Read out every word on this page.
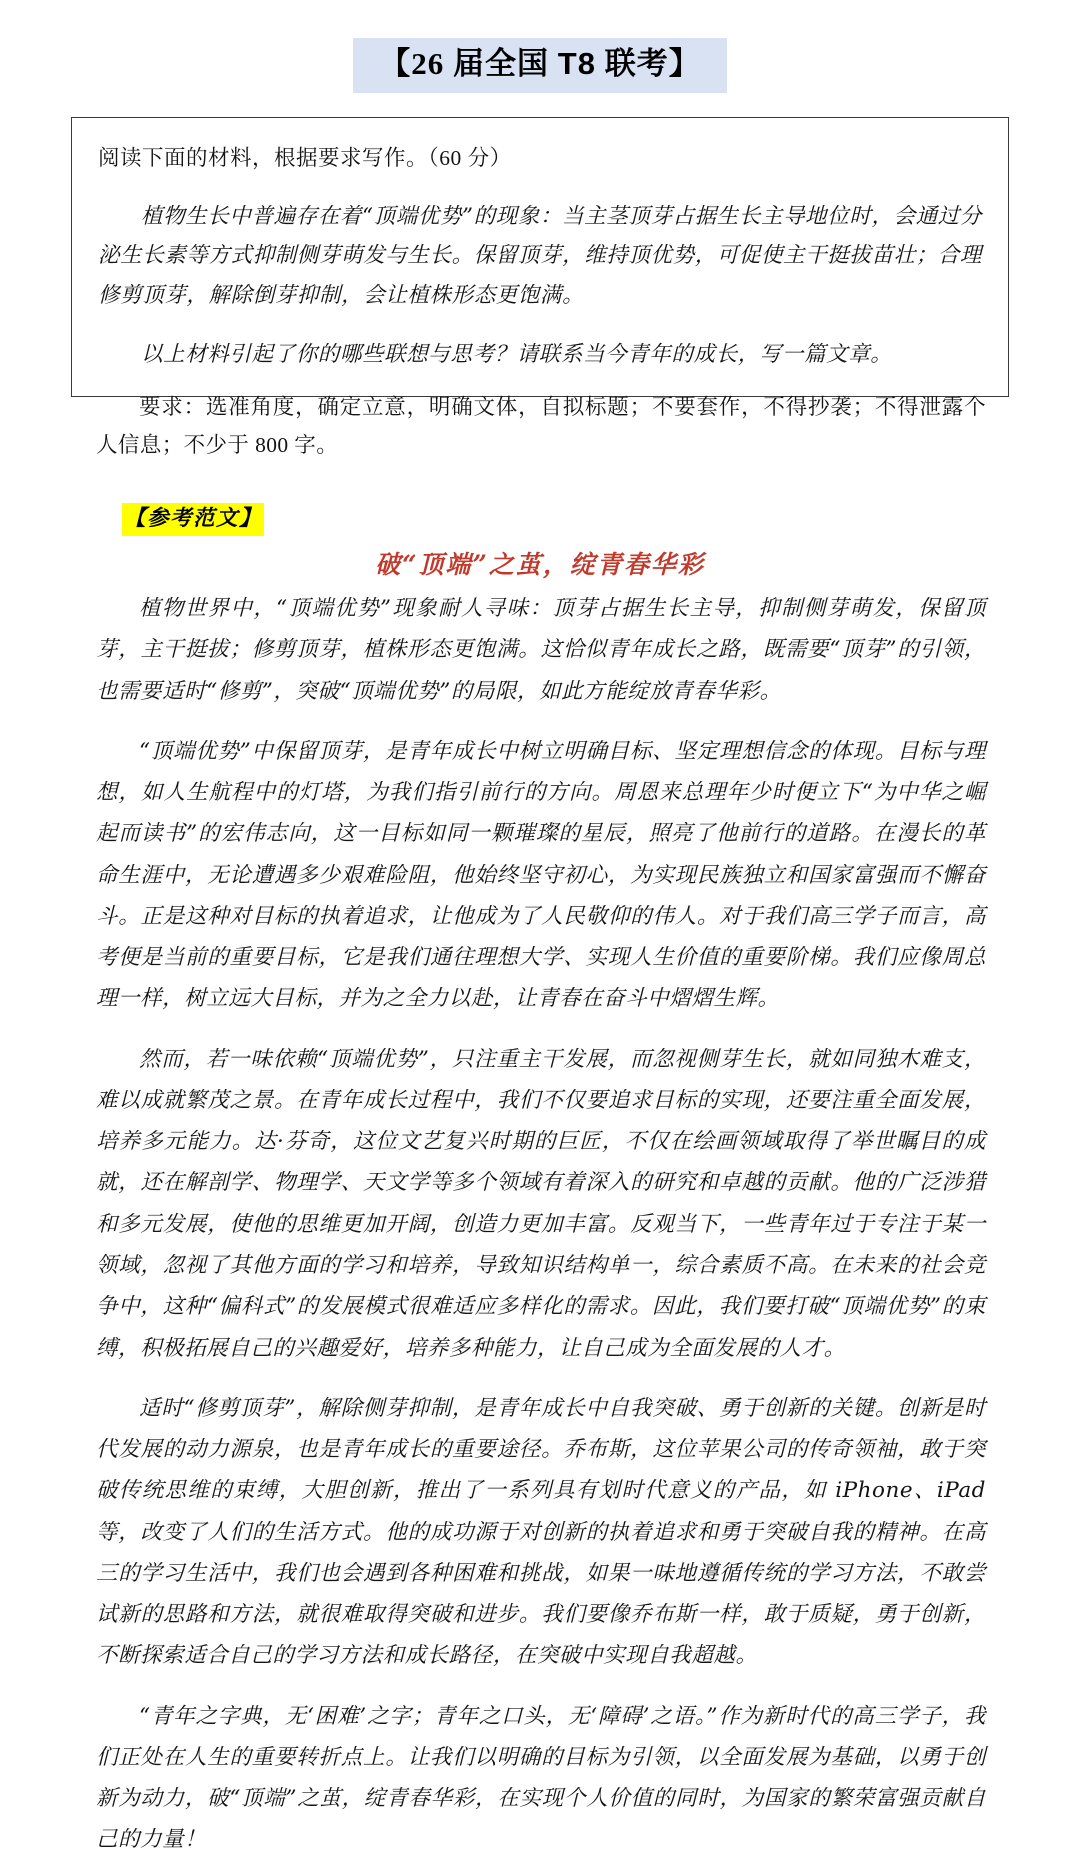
【26 届全国 T8 联考】

阅读下面的材料，根据要求写作。（60 分）

植物生长中普遍存在着“顶端优势”的现象：当主茎顶芽占据生长主导地位时，会通过分泌生长素等方式抑制侧芽萌发与生长。保留顶芽，维持顶优势，可促使主干挺拔苗壮；合理修剪顶芽，解除倒芽抑制，会让植株形态更饱满。

以上材料引起了你的哪些联想与思考？请联系当今青年的成长，写一篇文章。

要求：选准角度，确定立意，明确文体，自拟标题；不要套作，不得抄袭；不得泄露个人信息；不少于 800 字。
【参考范文】
破“顶端”之茧，绽青春华彩

植物世界中，“顶端优势”现象耐人寻味：顶芽占据生长主导，抑制侧芽萌发，保留顶芽，主干挺拔；修剪顶芽，植株形态更饱满。这恰似青年成长之路，既需要“顶芽”的引领，也需要适时“修剪”，突破“顶端优势”的局限，如此方能绽放青春华彩。

“顶端优势”中保留顶芽，是青年成长中树立明确目标、坚定理想信念的体现。目标与理想，如人生航程中的灯塔，为我们指引前行的方向。周恩来总理年少时便立下“为中华之崛起而读书”的宏伟志向，这一目标如同一颗璀璨的星辰，照亮了他前行的道路。在漫长的革命生涯中，无论遭遇多少艰难险阻，他始终坚守初心，为实现民族独立和国家富强而不懈奋斗。正是这种对目标的执着追求，让他成为了人民敬仰的伟人。对于我们高三学子而言，高考便是当前的重要目标，它是我们通往理想大学、实现人生价值的重要阶梯。我们应像周总理一样，树立远大目标，并为之全力以赴，让青春在奋斗中熠熠生辉。

然而，若一味依赖“顶端优势”，只注重主干发展，而忽视侧芽生长，就如同独木难支，难以成就繁茂之景。在青年成长过程中，我们不仅要追求目标的实现，还要注重全面发展，培养多元能力。达·芬奇，这位文艺复兴时期的巨匠，不仅在绘画领域取得了举世瞩目的成就，还在解剖学、物理学、天文学等多个领域有着深入的研究和卓越的贡献。他的广泛涉猎和多元发展，使他的思维更加开阔，创造力更加丰富。反观当下，一些青年过于专注于某一领域，忽视了其他方面的学习和培养，导致知识结构单一，综合素质不高。在未来的社会竞争中，这种“偏科式”的发展模式很难适应多样化的需求。因此，我们要打破“顶端优势”的束缚，积极拓展自己的兴趣爱好，培养多种能力，让自己成为全面发展的人才。

适时“修剪顶芽”，解除侧芽抑制，是青年成长中自我突破、勇于创新的关键。创新是时代发展的动力源泉，也是青年成长的重要途径。乔布斯，这位苹果公司的传奇领袖，敢于突破传统思维的束缚，大胆创新，推出了一系列具有划时代意义的产品，如 iPhone、iPad 等，改变了人们的生活方式。他的成功源于对创新的执着追求和勇于突破自我的精神。在高三的学习生活中，我们也会遇到各种困难和挑战，如果一味地遵循传统的学习方法，不敢尝试新的思路和方法，就很难取得突破和进步。我们要像乔布斯一样，敢于质疑，勇于创新，不断探索适合自己的学习方法和成长路径，在突破中实现自我超越。

“青年之字典，无‘困难’之字；青年之口头，无‘障碍’之语。”作为新时代的高三学子，我们正处在人生的重要转折点上。让我们以明确的目标为引领，以全面发展为基础，以勇于创新为动力，破“顶端”之茧，绽青春华彩，在实现个人价值的同时，为国家的繁荣富强贡献自己的力量！
